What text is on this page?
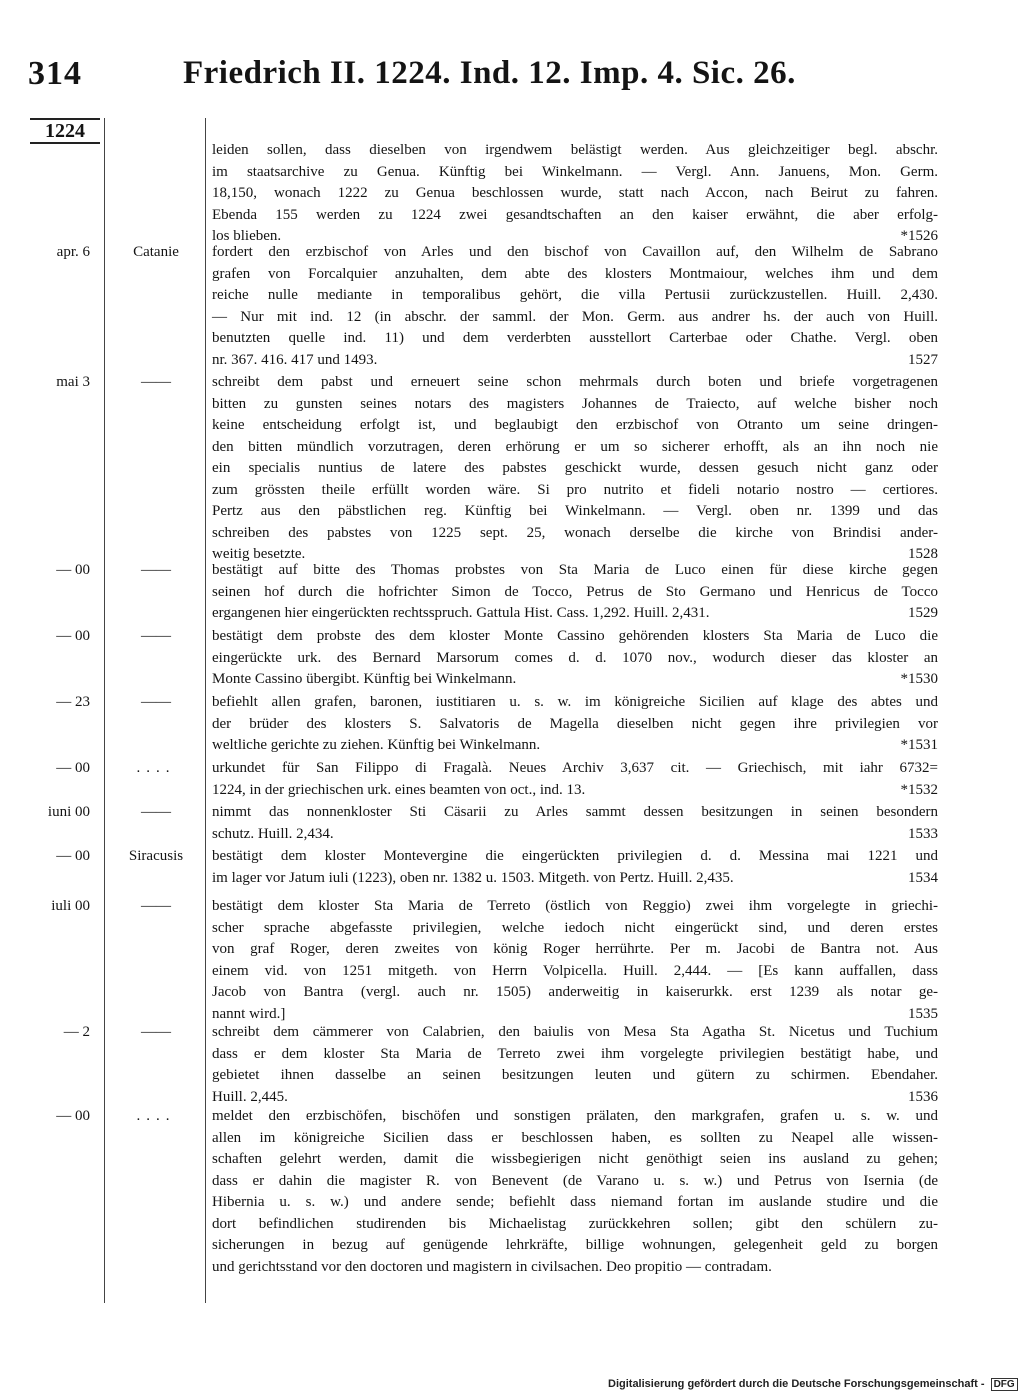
314	Friedrich II. 1224. Ind. 12. Imp. 4. Sic. 26.
1224
leiden sollen, dass dieselben von irgendwem belästigt werden. Aus gleichzeitiger begl. abschr.
im staatsarchive zu Genua. Künftig bei Winkelmann. — Vergl. Ann. Januens, Mon. Germ.
18,150, wonach 1222 zu Genua beschlossen wurde, statt nach Accon, nach Beirut zu fahren.
Ebenda 155 werden zu 1224 zwei gesandtschaften an den kaiser erwähnt, die aber erfolg-
los blieben.	*1526
apr. 6	Catanie	fordert den erzbischof von Arles und den bischof von Cavaillon auf, den Wilhelm de Sabrano
grafen von Forcalquier anzuhalten, dem abte des klosters Montmaiour, welches ihm und dem
reiche nulle mediante in temporalibus gehört, die villa Pertusii zurückzustellen. Huill. 2,430.
— Nur mit ind. 12 (in abschr. der samml. der Mon. Germ. aus andrer hs. der auch von Huill.
benutzten quelle ind. 11) und dem verderbten ausstellort Carterbae oder Chathe. Vergl. oben
nr. 367. 416. 417 und 1493.	1527
mai 3	——	schreibt dem pabst und erneuert seine schon mehrmals durch boten und briefe vorgetragenen
bitten zu gunsten seines notars des magisters Johannes de Traiecto, auf welche bisher noch
keine entscheidung erfolgt ist, und beglaubigt den erzbischof von Otranto um seine dringen-
den bitten mündlich vorzutragen, deren erhörung er um so sicherer erhofft, als an ihn noch nie
ein specialis nuntius de latere des pabstes geschickt wurde, dessen gesuch nicht ganz oder
zum grössten theile erfüllt worden wäre. Si pro nutrito et fideli notario nostro — certiores.
Pertz aus den päbstlichen reg. Künftig bei Winkelmann. — Vergl. oben nr. 1399 und das
schreiben des pabstes von 1225 sept. 25, wonach derselbe die kirche von Brindisi ander-
weitig besetzte.	1528
— 00	——	bestätigt auf bitte des Thomas probstes von Sta Maria de Luco einen für diese kirche gegen
seinen hof durch die hofrichter Simon de Tocco, Petrus de Sto Germano und Henricus de Tocco
ergangenen hier eingerückten rechtsspruch. Gattula Hist. Cass. 1,292. Huill. 2,431.	1529
— 00	——	bestätigt dem probste des dem kloster Monte Cassino gehörenden klosters Sta Maria de Luco die
eingerückte urk. des Bernard Marsorum comes d. d. 1070 nov., wodurch dieser das kloster an
Monte Cassino übergibt. Künftig bei Winkelmann.	*1530
— 23	——	befiehlt allen grafen, baronen, iustitiaren u. s. w. im königreiche Sicilien auf klage des abtes und
der brüder des klosters S. Salvatoris de Magella dieselben nicht gegen ihre privilegien vor
weltliche gerichte zu ziehen. Künftig bei Winkelmann.	*1531
— 00	....	urkundet für San Filippo di Fragalà. Neues Archiv 3,637 cit. — Griechisch, mit iahr 6732=
1224, in der griechischen urk. eines beamten von oct., ind. 13.	*1532
iuni 00	——	nimmt das nonnenkloster Sti Cäsarii zu Arles sammt dessen besitzungen in seinen besondern
schutz. Huill. 2,434.	1533
— 00	Siracusis	bestätigt dem kloster Montevergine die eingerückten privilegien d. d. Messina mai 1221 und
im lager vor Jatum iuli (1223), oben nr. 1382 u. 1503. Mitgeth. von Pertz. Huill. 2,435.	1534
iuli 00	——	bestätigt dem kloster Sta Maria de Terreto (östlich von Reggio) zwei ihm vorgelegte in griechi-
scher sprache abgefasste privilegien, welche iedoch nicht eingerückt sind, und deren erstes
von graf Roger, deren zweites von könig Roger herrührte. Per m. Jacobi de Bantra not. Aus
einem vid. von 1251 mitgeth. von Herrn Volpicella. Huill. 2,444. — [Es kann auffallen, dass
Jacob von Bantra (vergl. auch nr. 1505) anderweitig in kaiserurkk. erst 1239 als notar ge-
nannt wird.]	1535
— 2	——	schreibt dem cämmerer von Calabrien, den baiulis von Mesa Sta Agatha St. Nicetus und Tuchium
dass er dem kloster Sta Maria de Terreto zwei ihm vorgelegte privilegien bestätigt habe, und
gebietet ihnen dasselbe an seinen besitzungen leuten und gütern zu schirmen. Ebendaher.
Huill. 2,445.	1536
— 00	....	meldet den erzbischöfen, bischöfen und sonstigen prälaten, den markgrafen, grafen u. s. w. und
allen im königreiche Sicilien dass er beschlossen haben, es sollten zu Neapel alle wissen-
schaften gelehrt werden, damit die wissbegierigen nicht genöthigt seien ins ausland zu gehen;
dass er dahin die magister R. von Benevent (de Varano u. s. w.) und Petrus von Isernia (de
Hibernia u. s. w.) und andere sende; befiehlt dass niemand fortan im auslande studire und die
dort befindlichen studirenden bis Michaelistag zurückkehren sollen; gibt den schülern zu-
sicherungen in bezug auf genügende lehrkräfte, billige wohnungen, gelegenheit geld zu borgen
und gerichtsstand vor den doctoren und magistern in civilsachen. Deo propitio — contradam.
Digitalisierung gefördert durch die Deutsche Forschungsgemeinschaft - DFG
